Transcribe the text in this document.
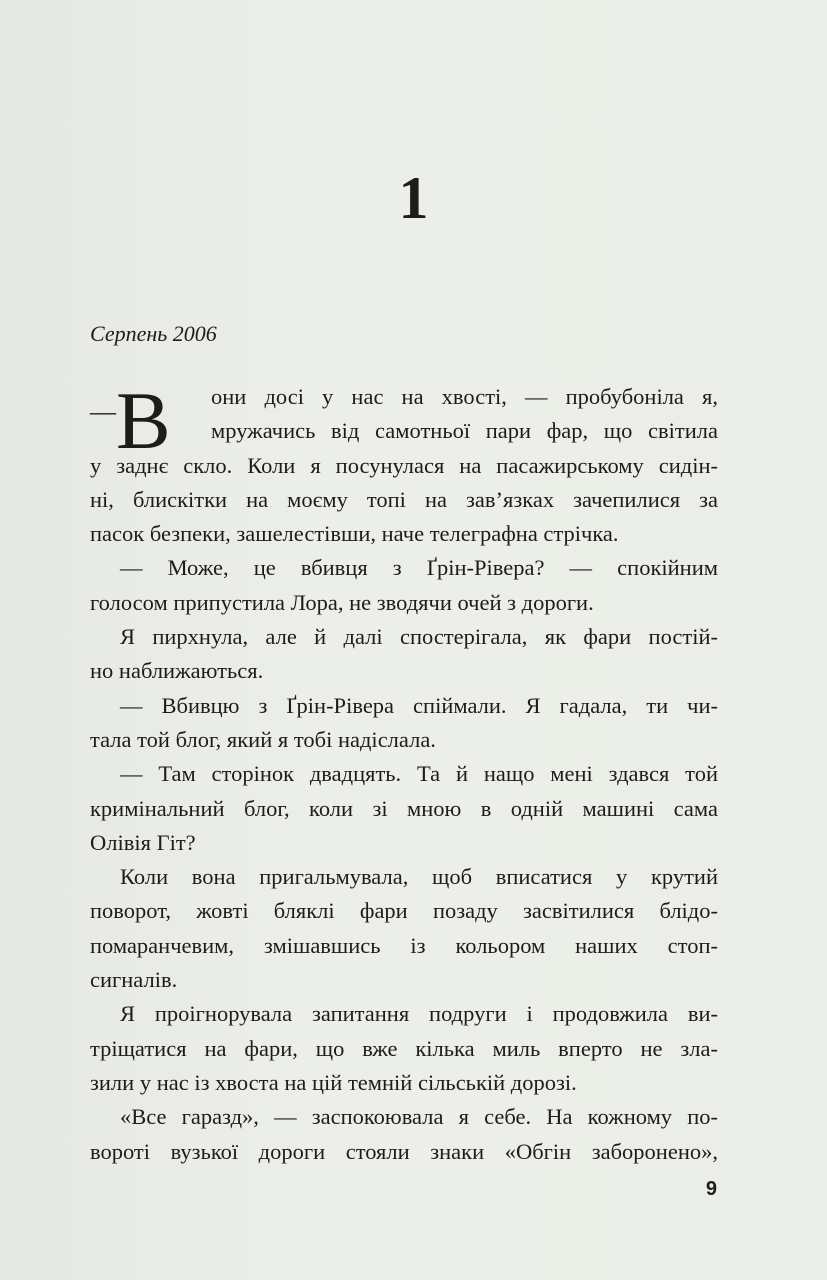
1
Серпень 2006
—В	они досі у нас на хвості, — пробубоніла я,
мружачись від самотньої пари фар, що світила
у заднє скло. Коли я посунулася на пасажирському сидін-
ні, блискітки на моєму топі на зав’язках зачепилися за
пасок безпеки, зашелестівши, наче телеграфна стрічка.
— Може, це вбивця з Ґрін-Рівера? — спокійним
голосом припустила Лора, не зводячи очей з дороги.
Я пирхнула, але й далі спостерігала, як фари постій-
но наближаються.
— Вбивцю з Ґрін-Рівера спіймали. Я гадала, ти чи-
тала той блог, який я тобі надіслала.
— Там сторінок двадцять. Та й нащо мені здався той
кримінальний блог, коли зі мною в одній машині сама
Олівія Гіт?
Коли вона пригальмувала, щоб вписатися у крутий
поворот, жовті бляклі фари позаду засвітилися блідо-
помаранчевим, змішавшись із кольором наших стоп-
сигналів.
Я проігнорувала запитання подруги і продовжила ви-
тріщатися на фари, що вже кілька миль вперто не зла-
зили у нас із хвоста на цій темній сільській дорозі.
«Все гаразд», — заспокоювала я себе. На кожному по-
вороті вузької дороги стояли знаки «Обгін заборонено»,
9
